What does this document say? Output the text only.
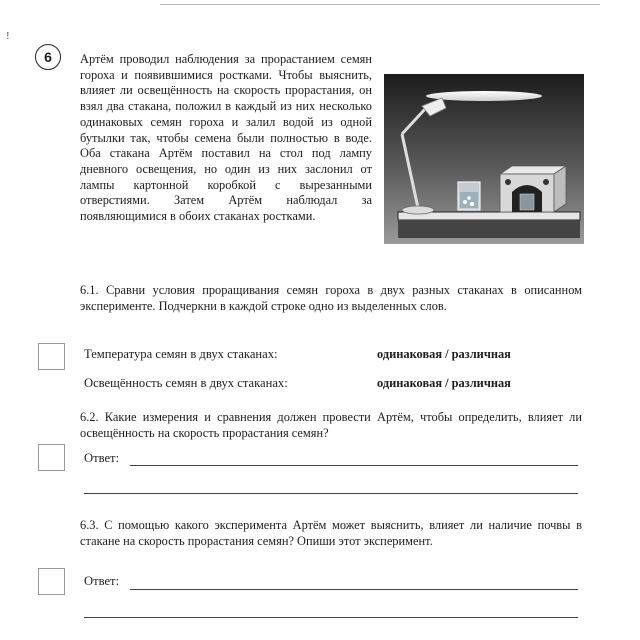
!
6	Артём проводил наблюдения за прорастанием семян гороха и появившимися ростками. Чтобы выяснить, влияет ли освещённость на скорость прорастания, он взял два стакана, положил в каждый из них несколько одинаковых семян гороха и залил водой из одной бутылки так, чтобы семена были полностью в воде. Оба стакана Артём поставил на стол под лампу дневного освещения, но один из них заслонил от лампы картонной коробкой с вырезанными отверстиями. Затем Артём наблюдал за появляющимися в обоих стаканах ростками.
6.1. Сравни условия проращивания семян гороха в двух разных стаканах в описанном эксперименте. Подчеркни в каждой строке одно из выделенных слов.
Температура семян в двух стаканах:	одинаковая / различная
Освещённость семян в двух стаканах:	одинаковая / различная
6.2. Какие измерения и сравнения должен провести Артём, чтобы определить, влияет ли освещённость на скорость прорастания семян?
Ответ:
6.3. С помощью какого эксперимента Артём может выяснить, влияет ли наличие почвы в стакане на скорость прорастания семян? Опиши этот эксперимент.
Ответ:
